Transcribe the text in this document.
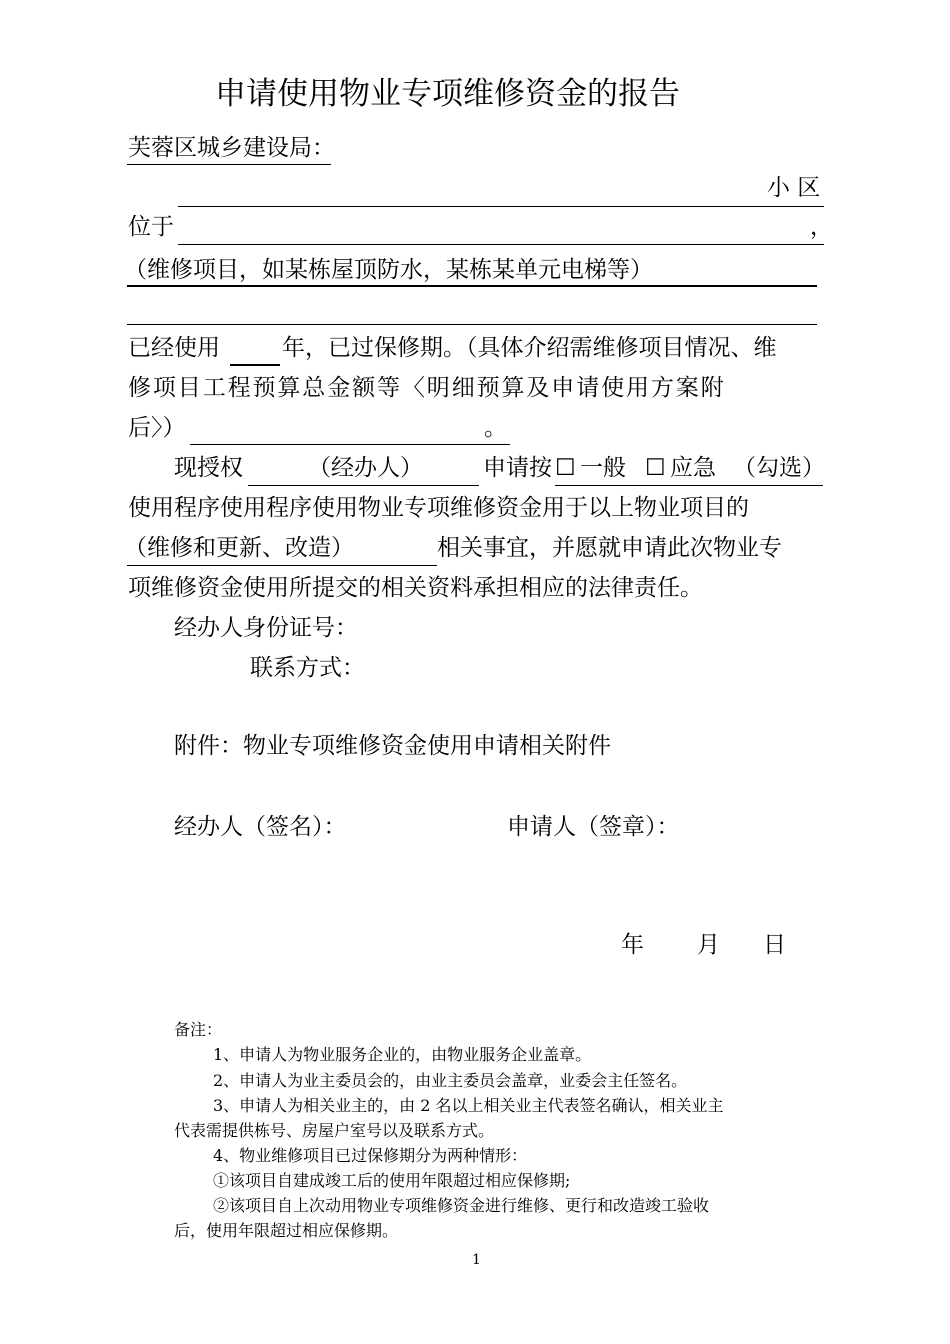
申请使用物业专项维修资金的报告
芙蓉区城乡建设局：
小 区
位于	，
（维修项目，如某栋屋顶防水，某栋某单元电梯等）
已经使用	年，已过保修期。（具体介绍需维修项目情况、维
修项目工程预算总金额等〈明细预算及申请使用方案附
后〉）	。
现授权	（经办人）	申请按 ☐ 一般 ☐ 应急 （勾选）
使用程序使用程序使用物业专项维修资金用于以上物业项目的
（维修和更新、改造）	相关事宜，并愿就申请此次物业专
项维修资金使用所提交的相关资料承担相应的法律责任。
经办人身份证号：
联系方式：
附件：物业专项维修资金使用申请相关附件
经办人（签名）：	申请人（签章）：
年 月 日
备注：
1、申请人为物业服务企业的，由物业服务企业盖章。
2、申请人为业主委员会的，由业主委员会盖章，业委会主任签名。
3、申请人为相关业主的，由 2 名以上相关业主代表签名确认，相关业主
代表需提供栋号、房屋户室号以及联系方式。
4、物业维修项目已过保修期分为两种情形：
①该项目自建成竣工后的使用年限超过相应保修期;
②该项目自上次动用物业专项维修资金进行维修、更行和改造竣工验收
后，使用年限超过相应保修期。
1
